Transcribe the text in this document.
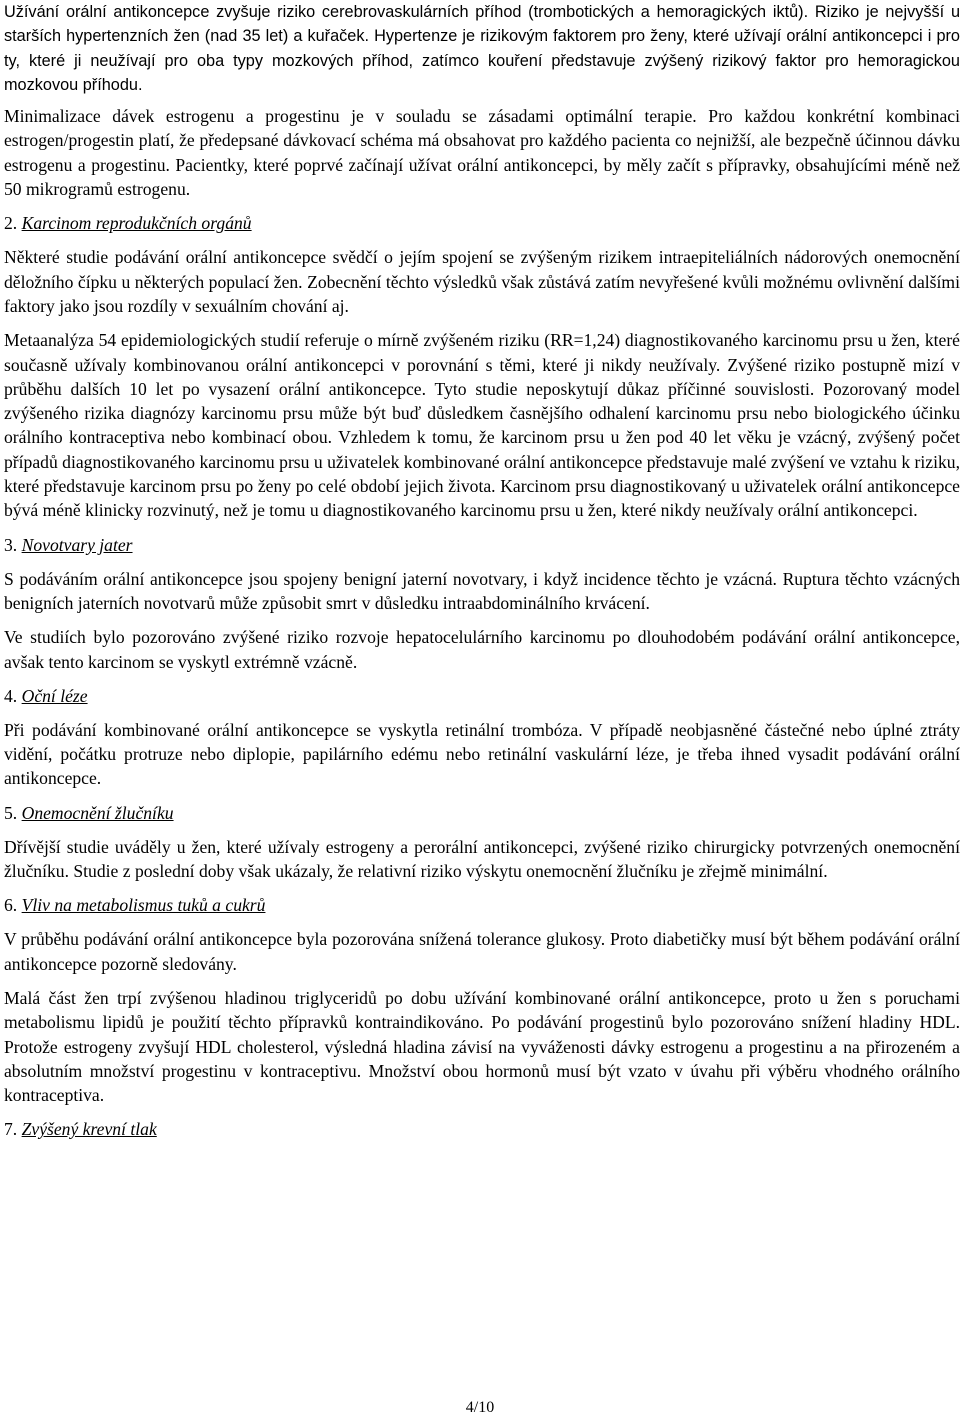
Užívání orální antikoncepce zvyšuje riziko cerebrovaskulárních příhod (trombotických a hemoragických iktů). Riziko je nejvyšší u starších hypertenzních žen (nad 35 let) a kuřaček. Hypertenze je rizikovým faktorem pro ženy, které užívají orální antikoncepci i pro ty, které ji neužívají pro oba typy mozkových příhod, zatímco kouření představuje zvýšený rizikový faktor pro hemoragickou mozkovou příhodu.

Minimalizace dávek estrogenu a progestinu je v souladu se zásadami optimální terapie. Pro každou konkrétní kombinaci estrogen/progestin platí, že předepsané dávkovací schéma má obsahovat pro každého pacienta co nejnižší, ale bezpečně účinnou dávku estrogenu a progestinu. Pacientky, které poprvé začínají užívat orální antikoncepci, by měly začít s přípravky, obsahujícími méně než 50 mikrogramů estrogenu.

2. Karcinom reprodukčních orgánů

Některé studie podávání orální antikoncepce svědčí o jejím spojení se zvýšeným rizikem intraepiteliálních nádorových onemocnění děložního čípku u některých populací žen. Zobecnění těchto výsledků však zůstává zatím nevyřešené kvůli možnému ovlivnění dalšími faktory jako jsou rozdíly v sexuálním chování aj.

Metaanalýza 54 epidemiologických studií referuje o mírně zvýšeném riziku (RR=1,24) diagnostikovaného karcinomu prsu u žen, které současně užívaly kombinovanou orální antikoncepci v porovnání s těmi, které ji nikdy neužívaly. Zvýšené riziko postupně mizí v průběhu dalších 10 let po vysazení orální antikoncepce. Tyto studie neposkytují důkaz příčinné souvislosti. Pozorovaný model zvýšeného rizika diagnózy karcinomu prsu může být buď důsledkem časnějšího odhalení karcinomu prsu nebo biologického účinku orálního kontraceptiva nebo kombinací obou. Vzhledem k tomu, že karcinom prsu u žen pod 40 let věku je vzácný, zvýšený počet případů diagnostikovaného karcinomu prsu u uživatelek kombinované orální antikoncepce představuje malé zvýšení ve vztahu k riziku, které představuje karcinom prsu po ženy po celé období jejich života. Karcinom prsu diagnostikovaný u uživatelek orální antikoncepce bývá méně klinicky rozvinutý, než je tomu u diagnostikovaného karcinomu prsu u žen, které nikdy neužívaly orální antikoncepci.

3. Novotvary jater

S podáváním orální antikoncepce jsou spojeny benigní jaterní novotvary, i když incidence těchto je vzácná. Ruptura těchto vzácných benigních jaterních novotvarů může způsobit smrt v důsledku intraabdominálního krvácení.

Ve studiích bylo pozorováno zvýšené riziko rozvoje hepatocelulárního karcinomu po dlouhodobém podávání orální antikoncepce, avšak tento karcinom se vyskytl extrémně vzácně.

4. Oční léze

Při podávání kombinované orální antikoncepce se vyskytla retinální trombóza. V případě neobjasněné částečné nebo úplné ztráty vidění, počátku protruze nebo diplopie, papilárního edému nebo retinální vaskulární léze, je třeba ihned vysadit podávání orální antikoncepce.

5. Onemocnění žlučníku

Dřívější studie uváděly u žen, které užívaly estrogeny a perorální antikoncepci, zvýšené riziko chirurgicky potvrzených onemocnění žlučníku. Studie z poslední doby však ukázaly, že relativní riziko výskytu onemocnění žlučníku je zřejmě minimální.

6. Vliv na metabolismus tuků a cukrů

V průběhu podávání orální antikoncepce byla pozorována snížená tolerance glukosy. Proto diabetičky musí být během podávání orální antikoncepce pozorně sledovány.

Malá část žen trpí zvýšenou hladinou triglyceridů po dobu užívání kombinované orální antikoncepce, proto u žen s poruchami metabolismu lipidů je použití těchto přípravků kontraindikováno. Po podávání progestinů bylo pozorováno snížení hladiny HDL. Protože estrogeny zvyšují HDL cholesterol, výsledná hladina závisí na vyváženosti dávky estrogenu a progestinu a na přirozeném a absolutním množství progestinu v kontraceptivu. Množství obou hormonů musí být vzato v úvahu při výběru vhodného orálního kontraceptiva.

7. Zvýšený krevní tlak
4/10
